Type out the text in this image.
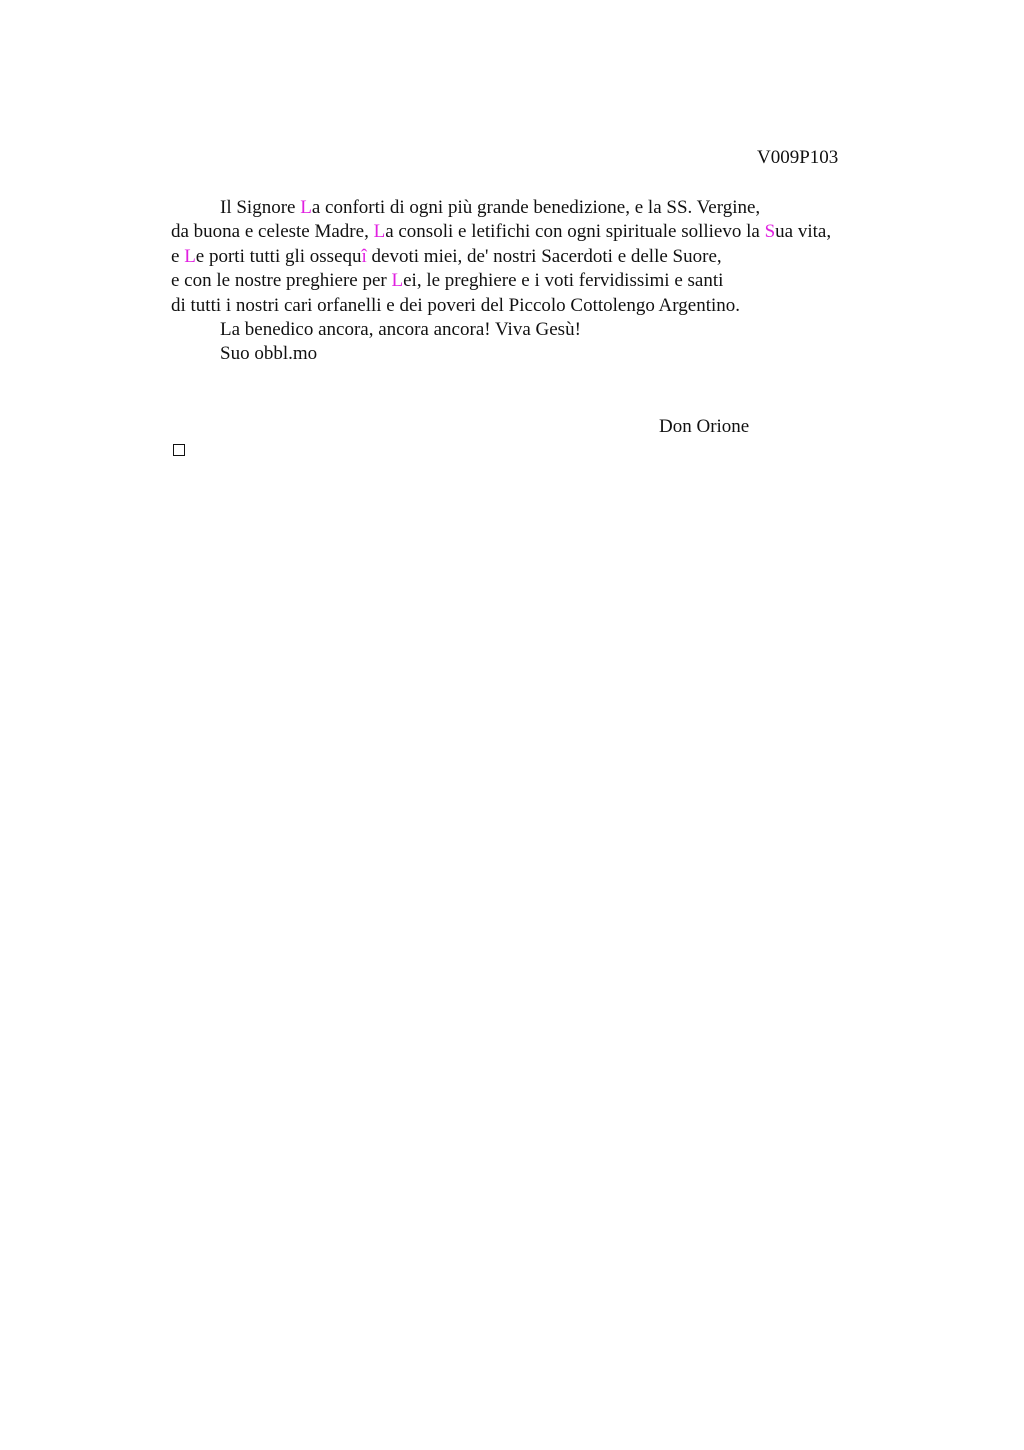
V009P103
Il Signore La conforti di ogni più grande benedizione, e la SS. Vergine,
da buona e celeste Madre, La consoli e letifichi con ogni spirituale sollievo la Sua vita,
e Le porti tutti gli ossequî devoti miei, de' nostri Sacerdoti e delle Suore,
e con le nostre preghiere per Lei, le preghiere e i voti fervidissimi e santi
di tutti i nostri cari orfanelli e dei poveri del Piccolo Cottolengo Argentino.
La benedico ancora, ancora ancora! Viva Gesù!
Suo obbl.mo
Don Orione
